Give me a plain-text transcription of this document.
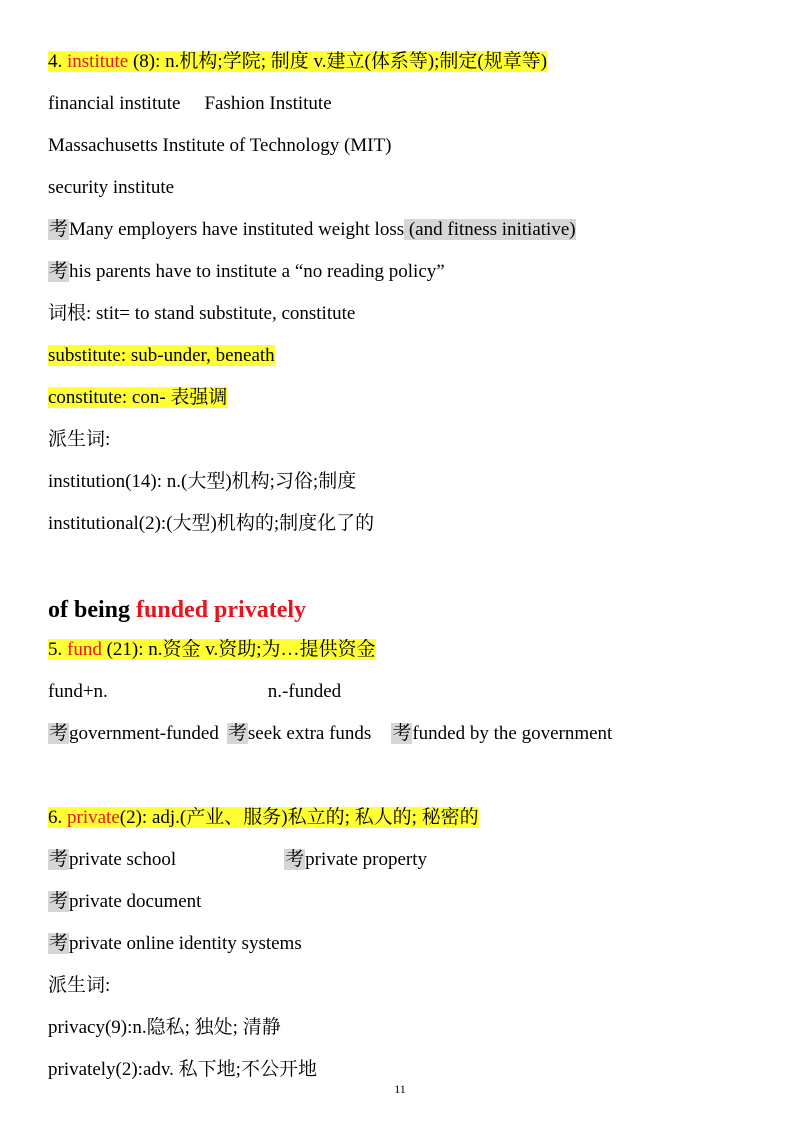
4. institute (8): n.机构;学院; 制度 v.建立(体系等);制定(规章等)
financial institute Fashion Institute
Massachusetts Institute of Technology (MIT)
security institute
考Many employers have instituted weight loss (and fitness initiative)
考his parents have to institute a “no reading policy”
词根: stit= to stand substitute, constitute
substitute: sub-under, beneath
constitute: con- 表强调
派生词:
institution(14): n.(大型)机构;习俗;制度
institutional(2):(大型)机构的;制度化了的
of being funded privately
5. fund (21): n.资金 v.资助;为…提供资金
fund+n.	n.-funded
考government-funded 考seek extra funds 考funded by the government
6. private(2): adj.(产业、服务)私立的; 私人的; 秘密的
考private school	考private property
考private document
考private online identity systems
派生词:
privacy(9):n.隐私; 独处; 清静
privately(2):adv. 私下地;不公开地
11
